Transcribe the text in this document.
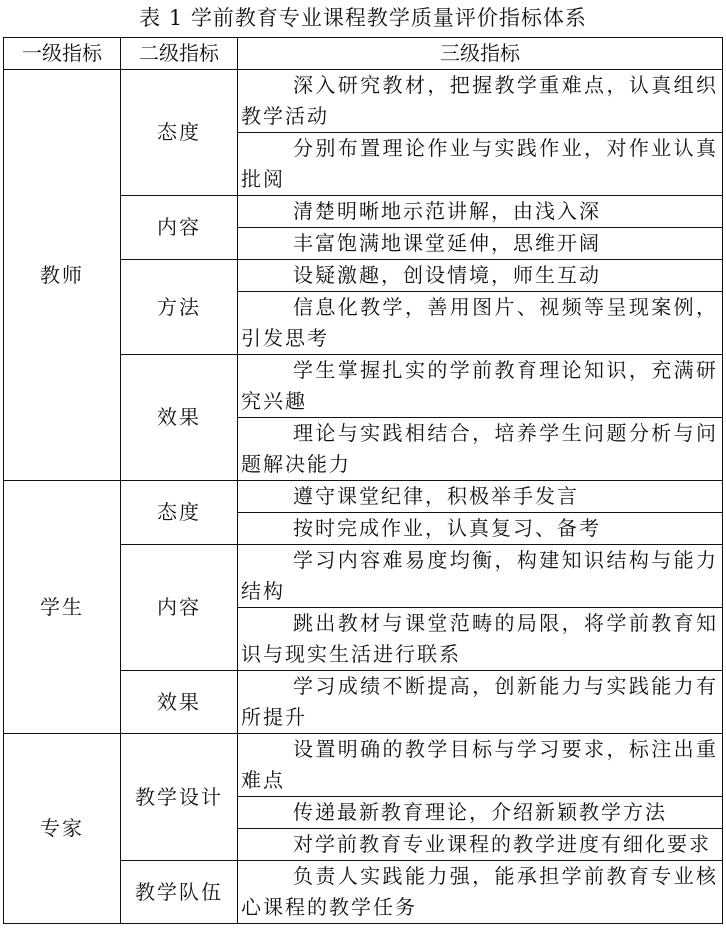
表 1 学前教育专业课程教学质量评价指标体系
一级指标	二级指标	三级指标
教师	态度	深入研究教材，把握教学重难点，认真组织教学活动
		分别布置理论作业与实践作业，对作业认真批阅
	内容	清楚明晰地示范讲解，由浅入深
		丰富饱满地课堂延伸，思维开阔
	方法	设疑激趣，创设情境，师生互动
		信息化教学，善用图片、视频等呈现案例，引发思考
	效果	学生掌握扎实的学前教育理论知识，充满研究兴趣
		理论与实践相结合，培养学生问题分析与问题解决能力
学生	态度	遵守课堂纪律，积极举手发言
		按时完成作业，认真复习、备考
	内容	学习内容难易度均衡，构建知识结构与能力结构
		跳出教材与课堂范畴的局限，将学前教育知识与现实生活进行联系
	效果	学习成绩不断提高，创新能力与实践能力有所提升
专家	教学设计	设置明确的教学目标与学习要求，标注出重难点
		传递最新教育理论，介绍新颖教学方法
		对学前教育专业课程的教学进度有细化要求
	教学队伍	负责人实践能力强，能承担学前教育专业核心课程的教学任务
